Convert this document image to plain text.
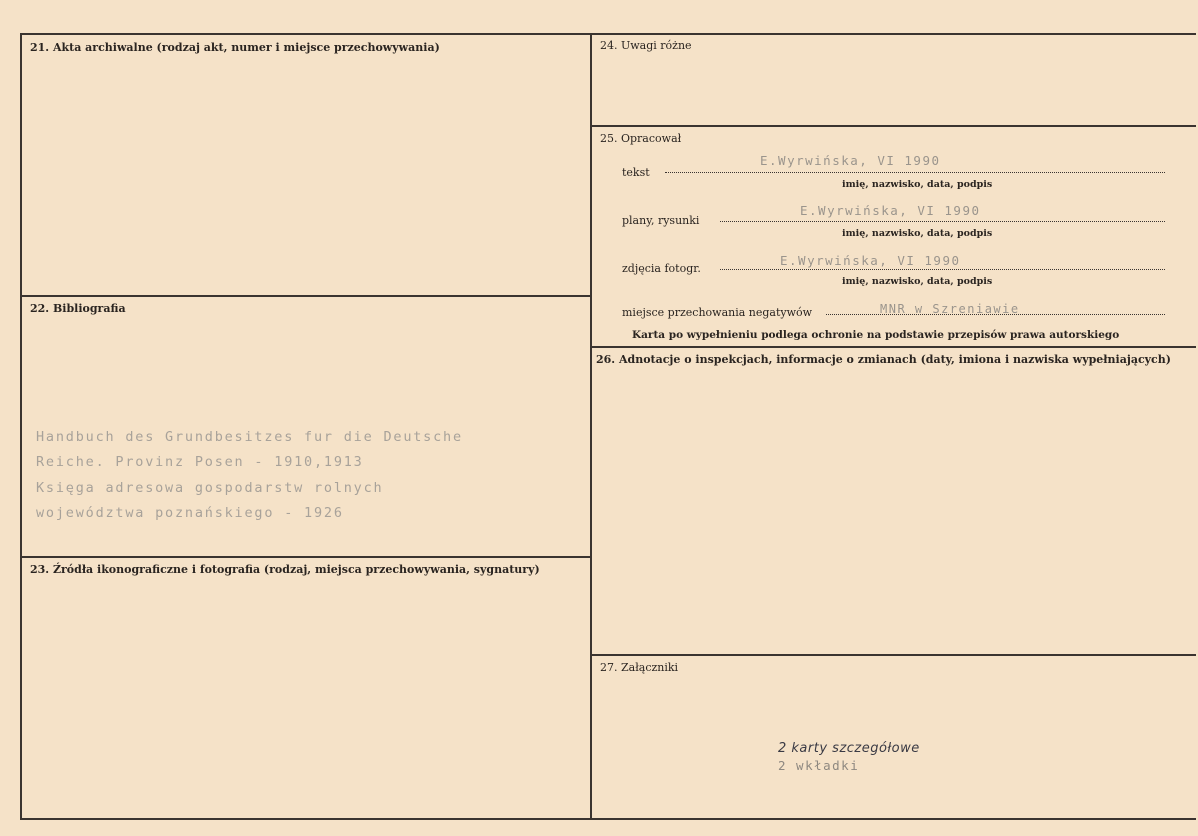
21. Akta archiwalne (rodzaj akt, numer i miejsce przechowywania)
22. Bibliografia
Handbuch des Grundbesitzes fur die Deutsche
Reiche. Provinz Posen - 1910,1913
Księga adresowa gospodarstw rolnych
województwa poznańskiego - 1926
23. Źródła ikonograficzne i fotografia (rodzaj, miejsca przechowywania, sygnatury)
24. Uwagi różne
25. Opracował
tekst
E.Wyrwińska, VI 1990
imię, nazwisko, data, podpis
plany, rysunki
E.Wyrwińska, VI 1990
imię, nazwisko, data, podpis
zdjęcia fotogr.
E.Wyrwińska, VI 1990
imię, nazwisko, data, podpis
miejsce przechowania negatywów	MNR w Szreniawie
Karta po wypełnieniu podlega ochronie na podstawie przepisów prawa autorskiego
26. Adnotacje o inspekcjach, informacje o zmianach (daty, imiona i nazwiska wypełniających)
27. Załączniki
2 karty szczegółowe
2 wkładki
